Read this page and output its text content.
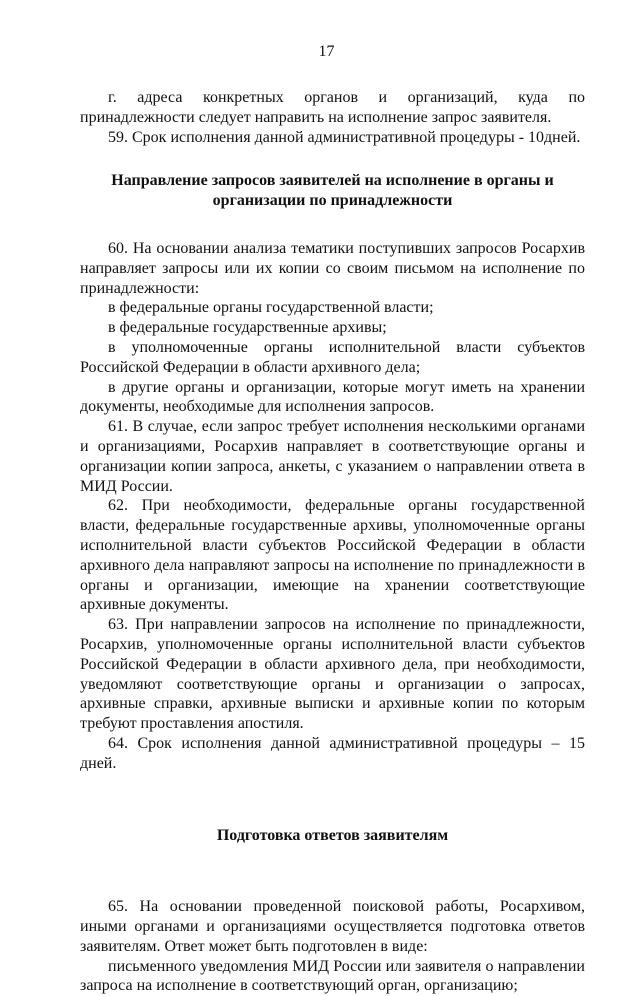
17

г. адреса конкретных органов и организаций, куда по принадлежности следует направить на исполнение запрос заявителя.

59. Срок исполнения данной административной процедуры - 10дней.

Направление запросов заявителей на исполнение в органы и организации по принадлежности

60. На основании анализа тематики поступивших запросов Росархив направляет запросы или их копии со своим письмом на исполнение по принадлежности:

в федеральные органы государственной власти;

в федеральные государственные архивы;

в уполномоченные органы исполнительной власти субъектов Российской Федерации в области архивного дела;

в другие органы и организации, которые могут иметь на хранении документы, необходимые для исполнения запросов.

61. В случае, если запрос требует исполнения несколькими органами и организациями, Росархив направляет в соответствующие органы и организации копии запроса, анкеты, с указанием о направлении ответа в МИД России.

62. При необходимости, федеральные органы государственной власти, федеральные государственные архивы, уполномоченные органы исполнительной власти субъектов Российской Федерации в области архивного дела направляют запросы на исполнение по принадлежности в органы и организации, имеющие на хранении соответствующие архивные документы.

63. При направлении запросов на исполнение по принадлежности, Росархив, уполномоченные органы исполнительной власти субъектов Российской Федерации в области архивного дела, при необходимости, уведомляют соответствующие органы и организации о запросах, архивные справки, архивные выписки и архивные копии по которым требуют проставления апостиля.

64. Срок исполнения данной административной процедуры – 15 дней.

Подготовка ответов заявителям

65. На основании проведенной поисковой работы, Росархивом, иными органами и организациями осуществляется подготовка ответов заявителям. Ответ может быть подготовлен в виде:

письменного уведомления МИД России или заявителя о направлении запроса на исполнение в соответствующий орган, организацию;
